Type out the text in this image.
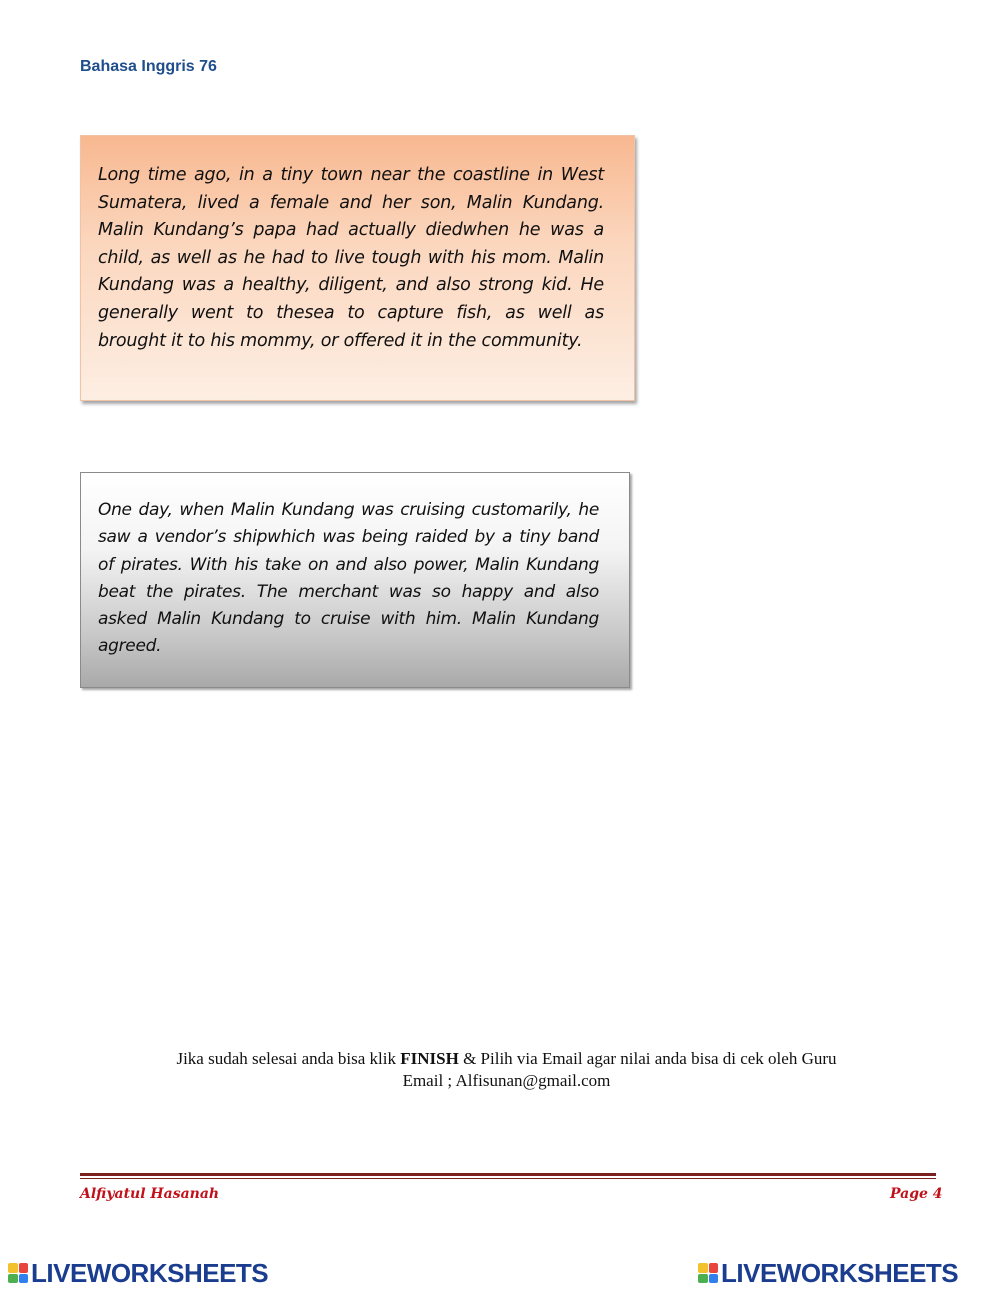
Bahasa Inggris 76

Long time ago, in a tiny town near the coastline in West Sumatera, lived a female and her son, Malin Kundang. Malin Kundang’s papa had actually diedwhen he was a child, as well as he had to live tough with his mom. Malin Kundang was a healthy, diligent, and also strong kid. He generally went to thesea to capture fish, as well as brought it to his mommy, or offered it in the community.

One day, when Malin Kundang was cruising customarily, he saw a vendor’s shipwhich was being raided by a tiny band of pirates. With his take on and also power, Malin Kundang beat the pirates. The merchant was so happy and also asked Malin Kundang to cruise with him. Malin Kundang agreed.

Jika sudah selesai anda bisa klik FINISH & Pilih via Email agar nilai anda bisa di cek oleh Guru
Email ; Alfisunan@gmail.com
Alfiyatul Hasanah	Page 4
LIVEWORKSHEETS	LIVEWORKSHEETS
